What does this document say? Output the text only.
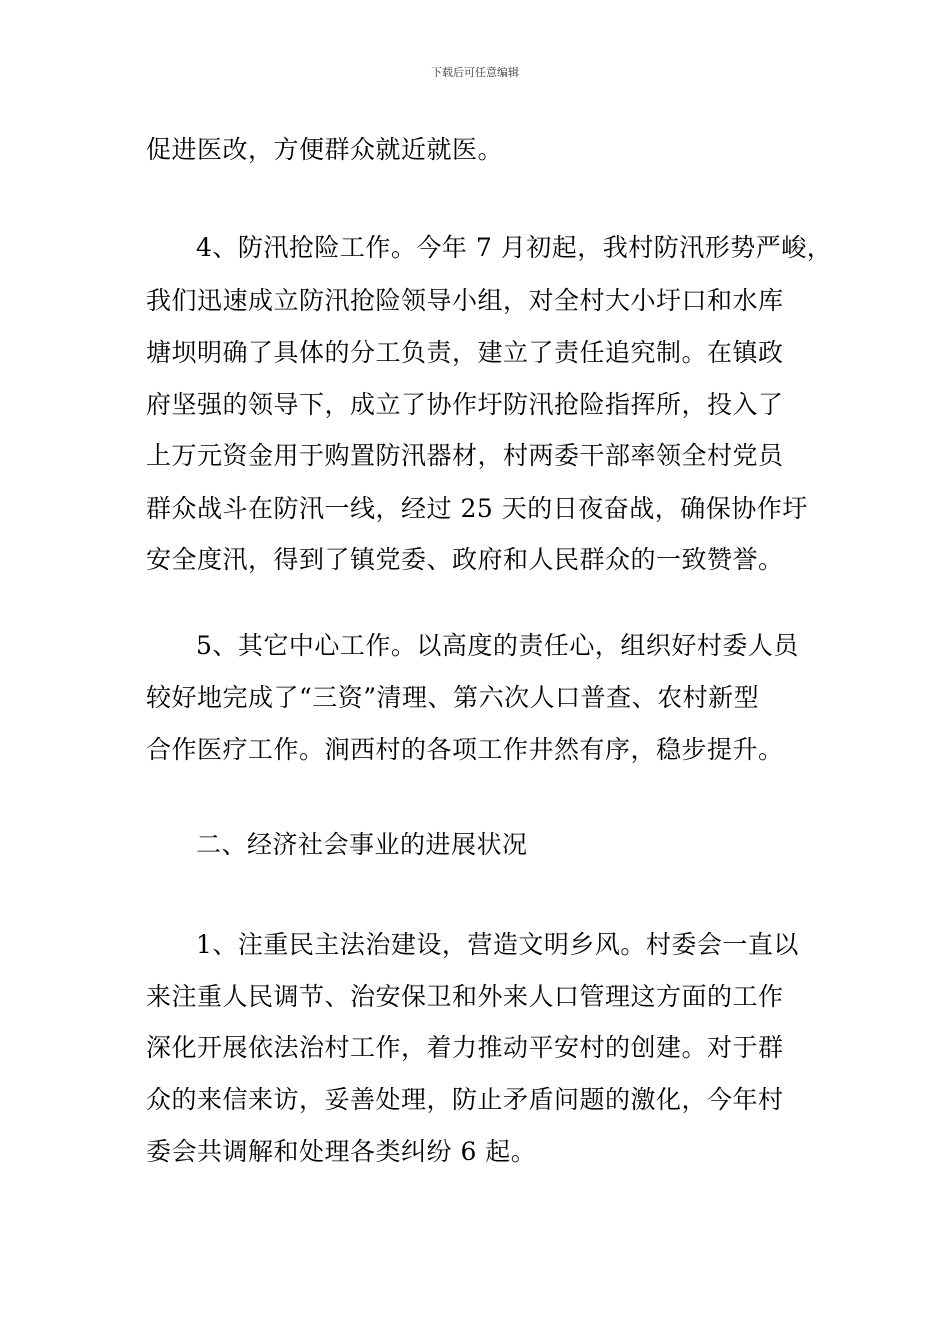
下载后可任意编辑
促进医改，方便群众就近就医。
4、防汛抢险工作。今年 7 月初起，我村防汛形势严峻，
我们迅速成立防汛抢险领导小组，对全村大小圩口和水库
塘坝明确了具体的分工负责，建立了责任追究制。在镇政
府坚强的领导下，成立了协作圩防汛抢险指挥所，投入了
上万元资金用于购置防汛器材，村两委干部率领全村党员
群众战斗在防汛一线，经过 25 天的日夜奋战，确保协作圩
安全度汛，得到了镇党委、政府和人民群众的一致赞誉。
5、其它中心工作。以高度的责任心，组织好村委人员
较好地完成了“三资”清理、第六次人口普查、农村新型
合作医疗工作。涧西村的各项工作井然有序，稳步提升。
二、经济社会事业的进展状况
1、注重民主法治建设，营造文明乡风。村委会一直以
来注重人民调节、治安保卫和外来人口管理这方面的工作
深化开展依法治村工作，着力推动平安村的创建。对于群
众的来信来访，妥善处理，防止矛盾问题的激化，今年村
委会共调解和处理各类纠纷 6 起。
